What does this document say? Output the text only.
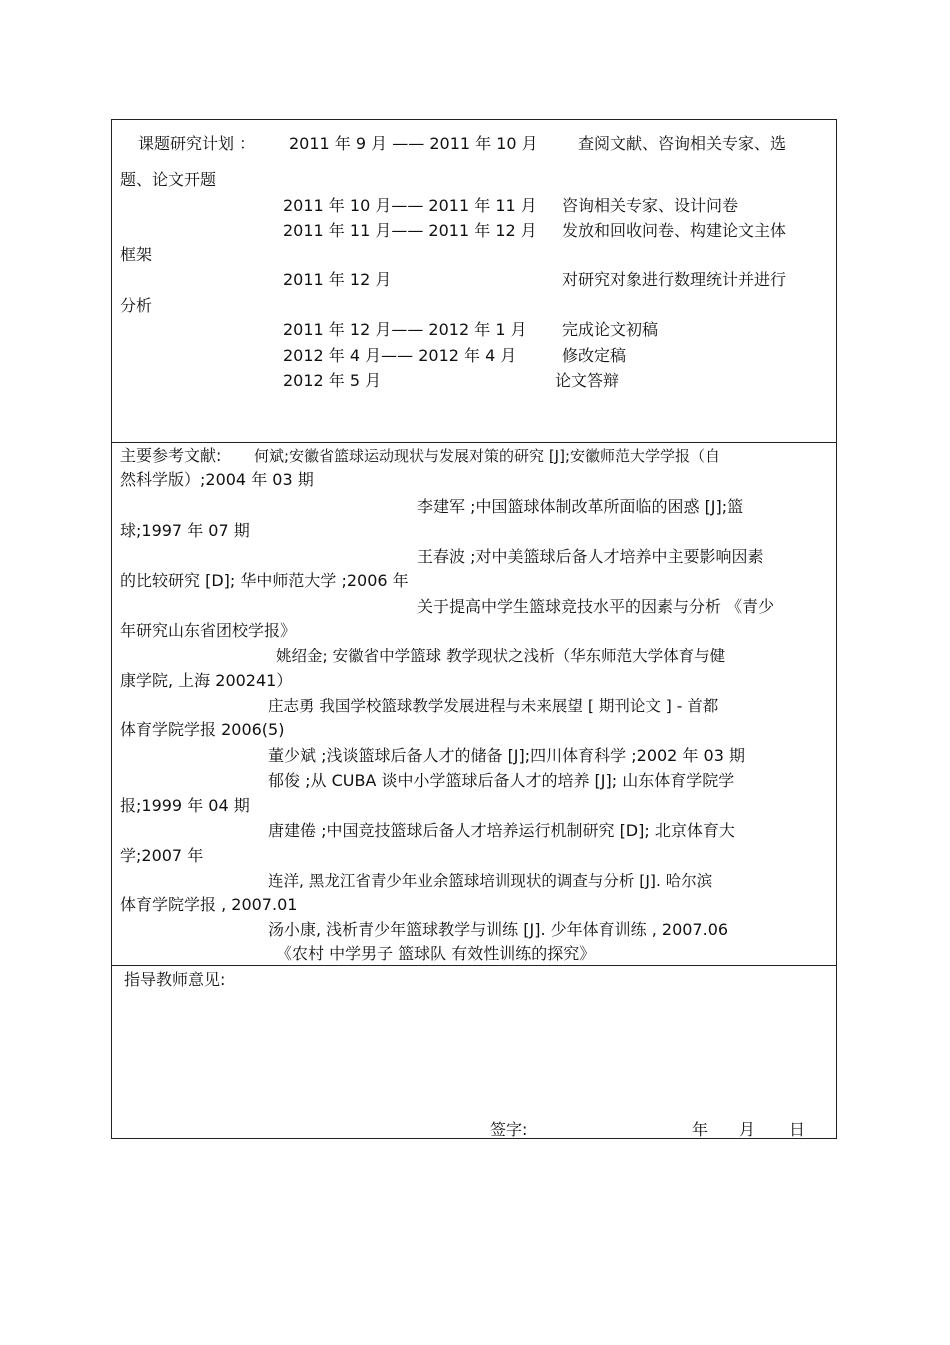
课题研究计划 ： 2011 年 9 月 —— 2011 年 10 月	查阅文献、咨询相关专家、选
题、论文开题
2011 年 10 月—— 2011 年 11 月 咨询相关专家、设计问卷
2011 年 11 月—— 2011 年 12 月 发放和回收问卷、构建论文主体
框架
2011 年 12 月	对研究对象进行数理统计并进行
分析
2011 年 12 月—— 2012 年 1 月 完成论文初稿
2012 年 4 月—— 2012 年 4 月	修改定稿
2012 年 5 月	论文答辩
主要参考文献: 何斌;安徽省篮球运动现状与发展对策的研究 [J];安徽师范大学学报（自
然科学版）;2004 年 03 期
李建军 ;中国篮球体制改革所面临的困惑 [J];篮
球;1997 年 07 期
王春波 ;对中美篮球后备人才培养中主要影响因素
的比较研究 [D]; 华中师范大学 ;2006 年
关于提高中学生篮球竞技水平的因素与分析 《青少
年研究山东省团校学报》
姚绍金; 安徽省中学篮球 教学现状之浅析（华东师范大学体育与健
康学院, 上海 200241）
庄志勇 我国学校篮球教学发展进程与未来展望 [ 期刊论文 ] - 首都
体育学院学报 2006(5)
董少斌 ;浅谈篮球后备人才的储备 [J];四川体育科学 ;2002 年 03 期
郁俊 ;从 CUBA 谈中小学篮球后备人才的培养 [J]; 山东体育学院学
报;1999 年 04 期
唐建倦 ;中国竞技篮球后备人才培养运行机制研究 [D]; 北京体育大
学;2007 年
连洋, 黑龙江省青少年业余篮球培训现状的调查与分析 [J]. 哈尔滨
体育学院学报 , 2007.01
汤小康, 浅析青少年篮球教学与训练 [J]. 少年体育训练 , 2007.06
《农村 中学男子 篮球队 有效性训练的探究》
指导教师意见:
签字:	年 月 日
